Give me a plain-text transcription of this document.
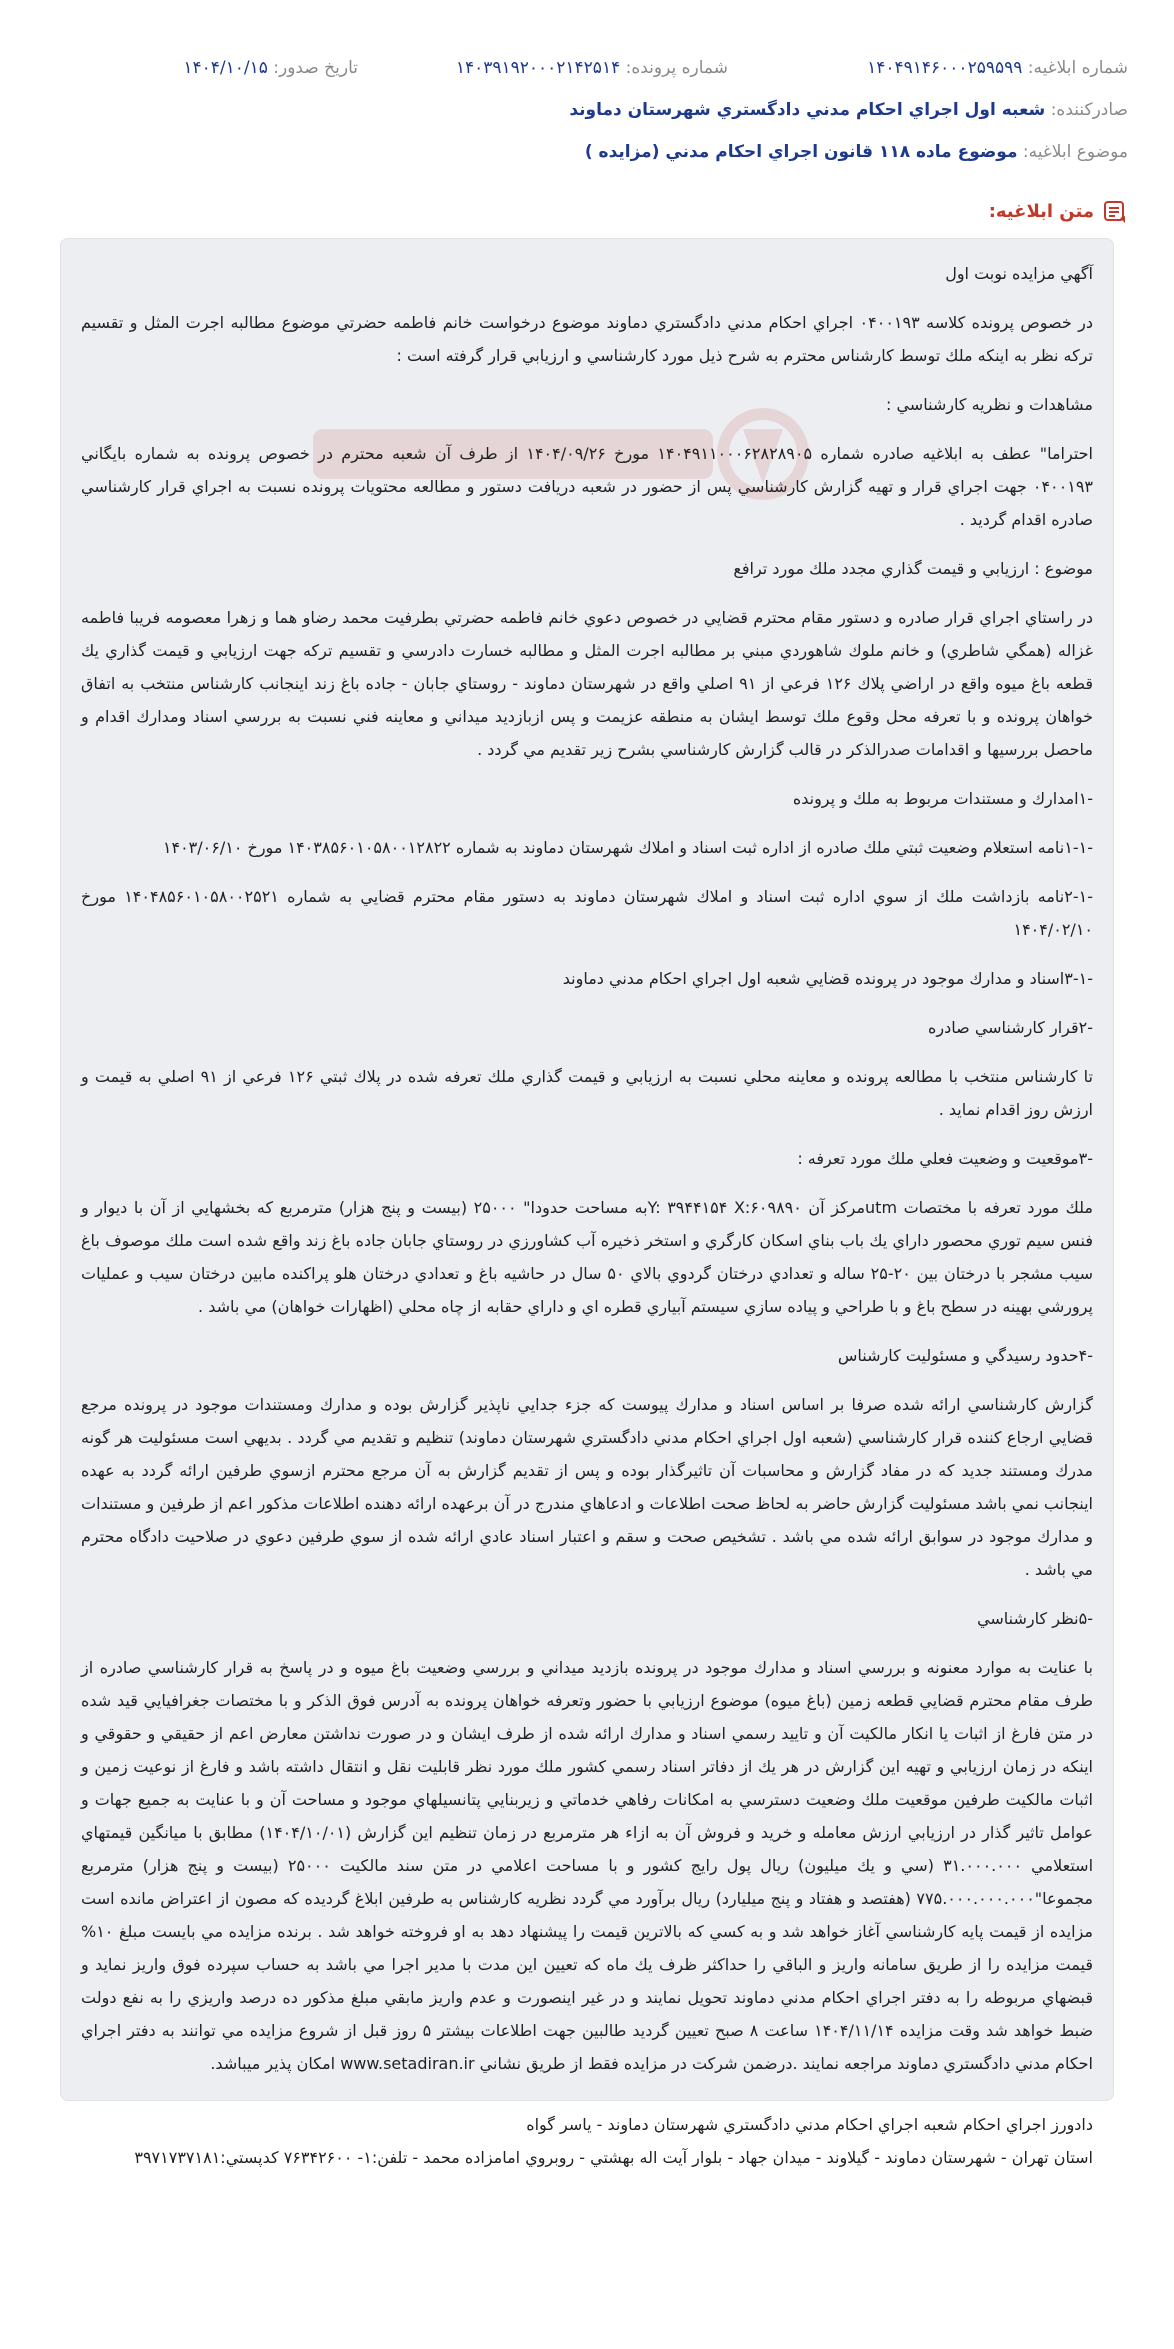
شماره ابلاغيه: ۱۴۰۴۹۱۴۶۰۰۰۲۵۹۵۹۹
شماره پرونده: ۱۴۰۳۹۱۹۲۰۰۰۲۱۴۲۵۱۴
تاريخ صدور: ۱۴۰۴/۱۰/۱۵
صادرکننده: شعبه اول اجراي احکام مدني دادگستري شهرستان دماوند
موضوع ابلاغيه: موضوع ماده ۱۱۸ قانون اجراي احکام مدني (مزايده )
متن ابلاغيه:

آگهي مزايده نوبت اول

در خصوص پرونده كلاسه ۰۴۰۰۱۹۳ اجراي احكام مدني دادگستري دماوند موضوع درخواست خانم فاطمه حضرتي موضوع مطالبه اجرت المثل و تقسيم تركه نظر به اينكه ملك توسط كارشناس محترم به شرح ذيل مورد كارشناسي و ارزيابي قرار گرفته است :

مشاهدات و نظريه كارشناسي :

احتراما" عطف به ابلاغيه صادره شماره ۱۴۰۴۹۱۱۰۰۰۶۲۸۲۸۹۰۵ مورخ ۱۴۰۴/۰۹/۲۶ از طرف آن شعبه محترم در خصوص پرونده به شماره بايگاني ۰۴۰۰۱۹۳ جهت اجراي قرار و تهيه گزارش كارشناسي پس از حضور در شعبه دريافت دستور و مطالعه محتويات پرونده نسبت به اجراي قرار كارشناسي صادره اقدام گرديد .

موضوع : ارزيابي و قيمت گذاري مجدد ملك مورد ترافع

در راستاي اجراي قرار صادره و دستور مقام محترم قضايي در خصوص دعوي خانم فاطمه حضرتي بطرفيت محمد رضاو هما و زهرا معصومه فريبا فاطمه غزاله (همگي شاطري) و خانم ملوك شاهوردي مبني بر مطالبه اجرت المثل و مطالبه خسارت دادرسي و تقسيم تركه جهت ارزيابي و قيمت گذاري يك قطعه باغ ميوه واقع در اراضي پلاك ۱۲۶ فرعي از ۹۱ اصلي واقع در شهرستان دماوند - روستاي جابان - جاده باغ زند اينجانب كارشناس منتخب به اتفاق خواهان پرونده و با تعرفه محل وقوع ملك توسط ايشان به منطقه عزيمت و پس ازبازديد ميداني و معاينه فني نسبت به بررسي اسناد ومدارك اقدام و ماحصل بررسيها و اقدامات صدرالذكر در قالب گزارش كارشناسي بشرح زير تقديم مي گردد .

-۱امدارك و مستندات مربوط به ملك و پرونده

-۱-۱نامه استعلام وضعيت ثبتي ملك صادره از اداره ثبت اسناد و املاك شهرستان دماوند به شماره ۱۴۰۳۸۵۶۰۱۰۵۸۰۰۱۲۸۲۲ مورخ ۱۴۰۳/۰۶/۱۰

-۲-۱نامه بازداشت ملك از سوي اداره ثبت اسناد و املاك شهرستان دماوند به دستور مقام محترم قضايي به شماره ۱۴۰۴۸۵۶۰۱۰۵۸۰۰۲۵۲۱ مورخ ۱۴۰۴/۰۲/۱۰

-۳-۱اسناد و مدارك موجود در پرونده قضايي شعبه اول اجراي احكام مدني دماوند

-۲قرار كارشناسي صادره

تا كارشناس منتخب با مطالعه پرونده و معاينه محلي نسبت به ارزيابي و قيمت گذاري ملك تعرفه شده در پلاك ثبتي ۱۲۶ فرعي از ۹۱ اصلي به قيمت و ارزش روز اقدام نمايد .

-۳موقعيت و وضعيت فعلي ملك مورد تعرفه :

ملك مورد تعرفه با مختصات utmمركز آن Y: ۳۹۴۴۱۵۴ X:۶۰۹۸۹۰به مساحت حدودا" ۲۵۰۰۰ (بيست و پنج هزار) مترمربع كه بخشهايي از آن با ديوار و فنس سيم توري محصور داراي يك باب بناي اسكان كارگري و استخر ذخيره آب كشاورزي در روستاي جابان جاده باغ زند واقع شده است ملك موصوف باغ سيب مشجر با درختان بين ۲۰-۲۵ ساله و تعدادي درختان گردوي بالاي ۵۰ سال در حاشيه باغ و تعدادي درختان هلو پراكنده مابين درختان سيب و عمليات پرورشي بهينه در سطح باغ و با طراحي و پياده سازي سيستم آبياري قطره اي و داراي حقابه از چاه محلي (اظهارات خواهان) مي باشد .

-۴حدود رسيدگي و مسئوليت كارشناس

گزارش كارشناسي ارائه شده صرفا بر اساس اسناد و مدارك پيوست كه جزء جدايي ناپذير گزارش بوده و مدارك ومستندات موجود در پرونده مرجع قضايي ارجاع كننده قرار كارشناسي (شعبه اول اجراي احكام مدني دادگستري شهرستان دماوند) تنظيم و تقديم مي گردد . بديهي است مسئوليت هر گونه مدرك ومستند جديد كه در مفاد گزارش و محاسبات آن تاثيرگذار بوده و پس از تقديم گزارش به آن مرجع محترم ازسوي طرفين ارائه گردد به عهده اينجانب نمي باشد مسئوليت گزارش حاضر به لحاظ صحت اطلاعات و ادعاهاي مندرج در آن برعهده ارائه دهنده اطلاعات مذكور اعم از طرفين و مستندات و مدارك موجود در سوابق ارائه شده مي باشد . تشخيص صحت و سقم و اعتبار اسناد عادي ارائه شده از سوي طرفين دعوي در صلاحيت دادگاه محترم مي باشد .

-۵نظر كارشناسي

با عنايت به موارد معنونه و بررسي اسناد و مدارك موجود در پرونده بازديد ميداني و بررسي وضعيت باغ ميوه و در پاسخ به قرار كارشناسي صادره از طرف مقام محترم قضايي قطعه زمين (باغ ميوه) موضوع ارزيابي با حضور وتعرفه خواهان پرونده به آدرس فوق الذكر و با مختصات جغرافيايي قيد شده در متن فارغ از اثبات يا انكار مالكيت آن و تاييد رسمي اسناد و مدارك ارائه شده از طرف ايشان و در صورت نداشتن معارض اعم از حقيقي و حقوقي و اينكه در زمان ارزيابي و تهيه اين گزارش در هر يك از دفاتر اسناد رسمي كشور ملك مورد نظر قابليت نقل و انتقال داشته باشد و فارغ از نوعيت زمين و اثبات مالكيت طرفين موقعيت ملك وضعيت دسترسي به امكانات رفاهي خدماتي و زيربنايي پتانسيلهاي موجود و مساحت آن و با عنايت به جميع جهات و عوامل تاثير گذار در ارزيابي ارزش معامله و خريد و فروش آن به ازاء هر مترمربع در زمان تنظيم اين گزارش (۱۴۰۴/۱۰/۰۱) مطابق با ميانگين قيمتهاي استعلامي ۳۱.۰۰۰.۰۰۰ (سي و يك ميليون) ريال پول رايج كشور و با مساحت اعلامي در متن سند مالكيت ۲۵۰۰۰ (بيست و پنج هزار) مترمربع مجموعا"۷۷۵.۰۰۰.۰۰۰.۰۰۰ (هفتصد و هفتاد و پنج ميليارد) ريال برآورد مي گردد نظريه كارشناس به طرفين ابلاغ گرديده كه مصون از اعتراض مانده است مزايده از قيمت پايه كارشناسي آغاز خواهد شد و به كسي كه بالاترين قيمت را پيشنهاد دهد به او فروخته خواهد شد . برنده مزايده مي بايست مبلغ ۱۰% قيمت مزايده را از طريق سامانه واريز و الباقي را حداكثر ظرف يك ماه كه تعيين اين مدت با مدير اجرا مي باشد به حساب سپرده فوق واريز نمايد و قبضهاي مربوطه را به دفتر اجراي احكام مدني دماوند تحويل نمايند و در غير اينصورت و عدم واريز مابقي مبلغ مذكور ده درصد واريزي را به نفع دولت ضبط خواهد شد وقت مزايده ۱۴۰۴/۱۱/۱۴ ساعت ۸ صبح تعيين گرديد طالبين جهت اطلاعات بيشتر ۵ روز قبل از شروع مزايده مي توانند به دفتر اجراي احكام مدني دادگستري دماوند مراجعه نمايند .درضمن شركت در مزايده فقط از طريق نشاني www.setadiran.ir امكان پذير ميباشد.

دادورز اجراي احكام شعبه اجراي احكام مدني دادگستري شهرستان دماوند - ياسر گواه

استان تهران - شهرستان دماوند - گيلاوند - ميدان جهاد - بلوار آيت اله بهشتي - روبروي امامزاده محمد - تلفن:۱- ۷۶۳۴۲۶۰۰ كدپستي:۳۹۷۱۷۳۷۱۸۱
